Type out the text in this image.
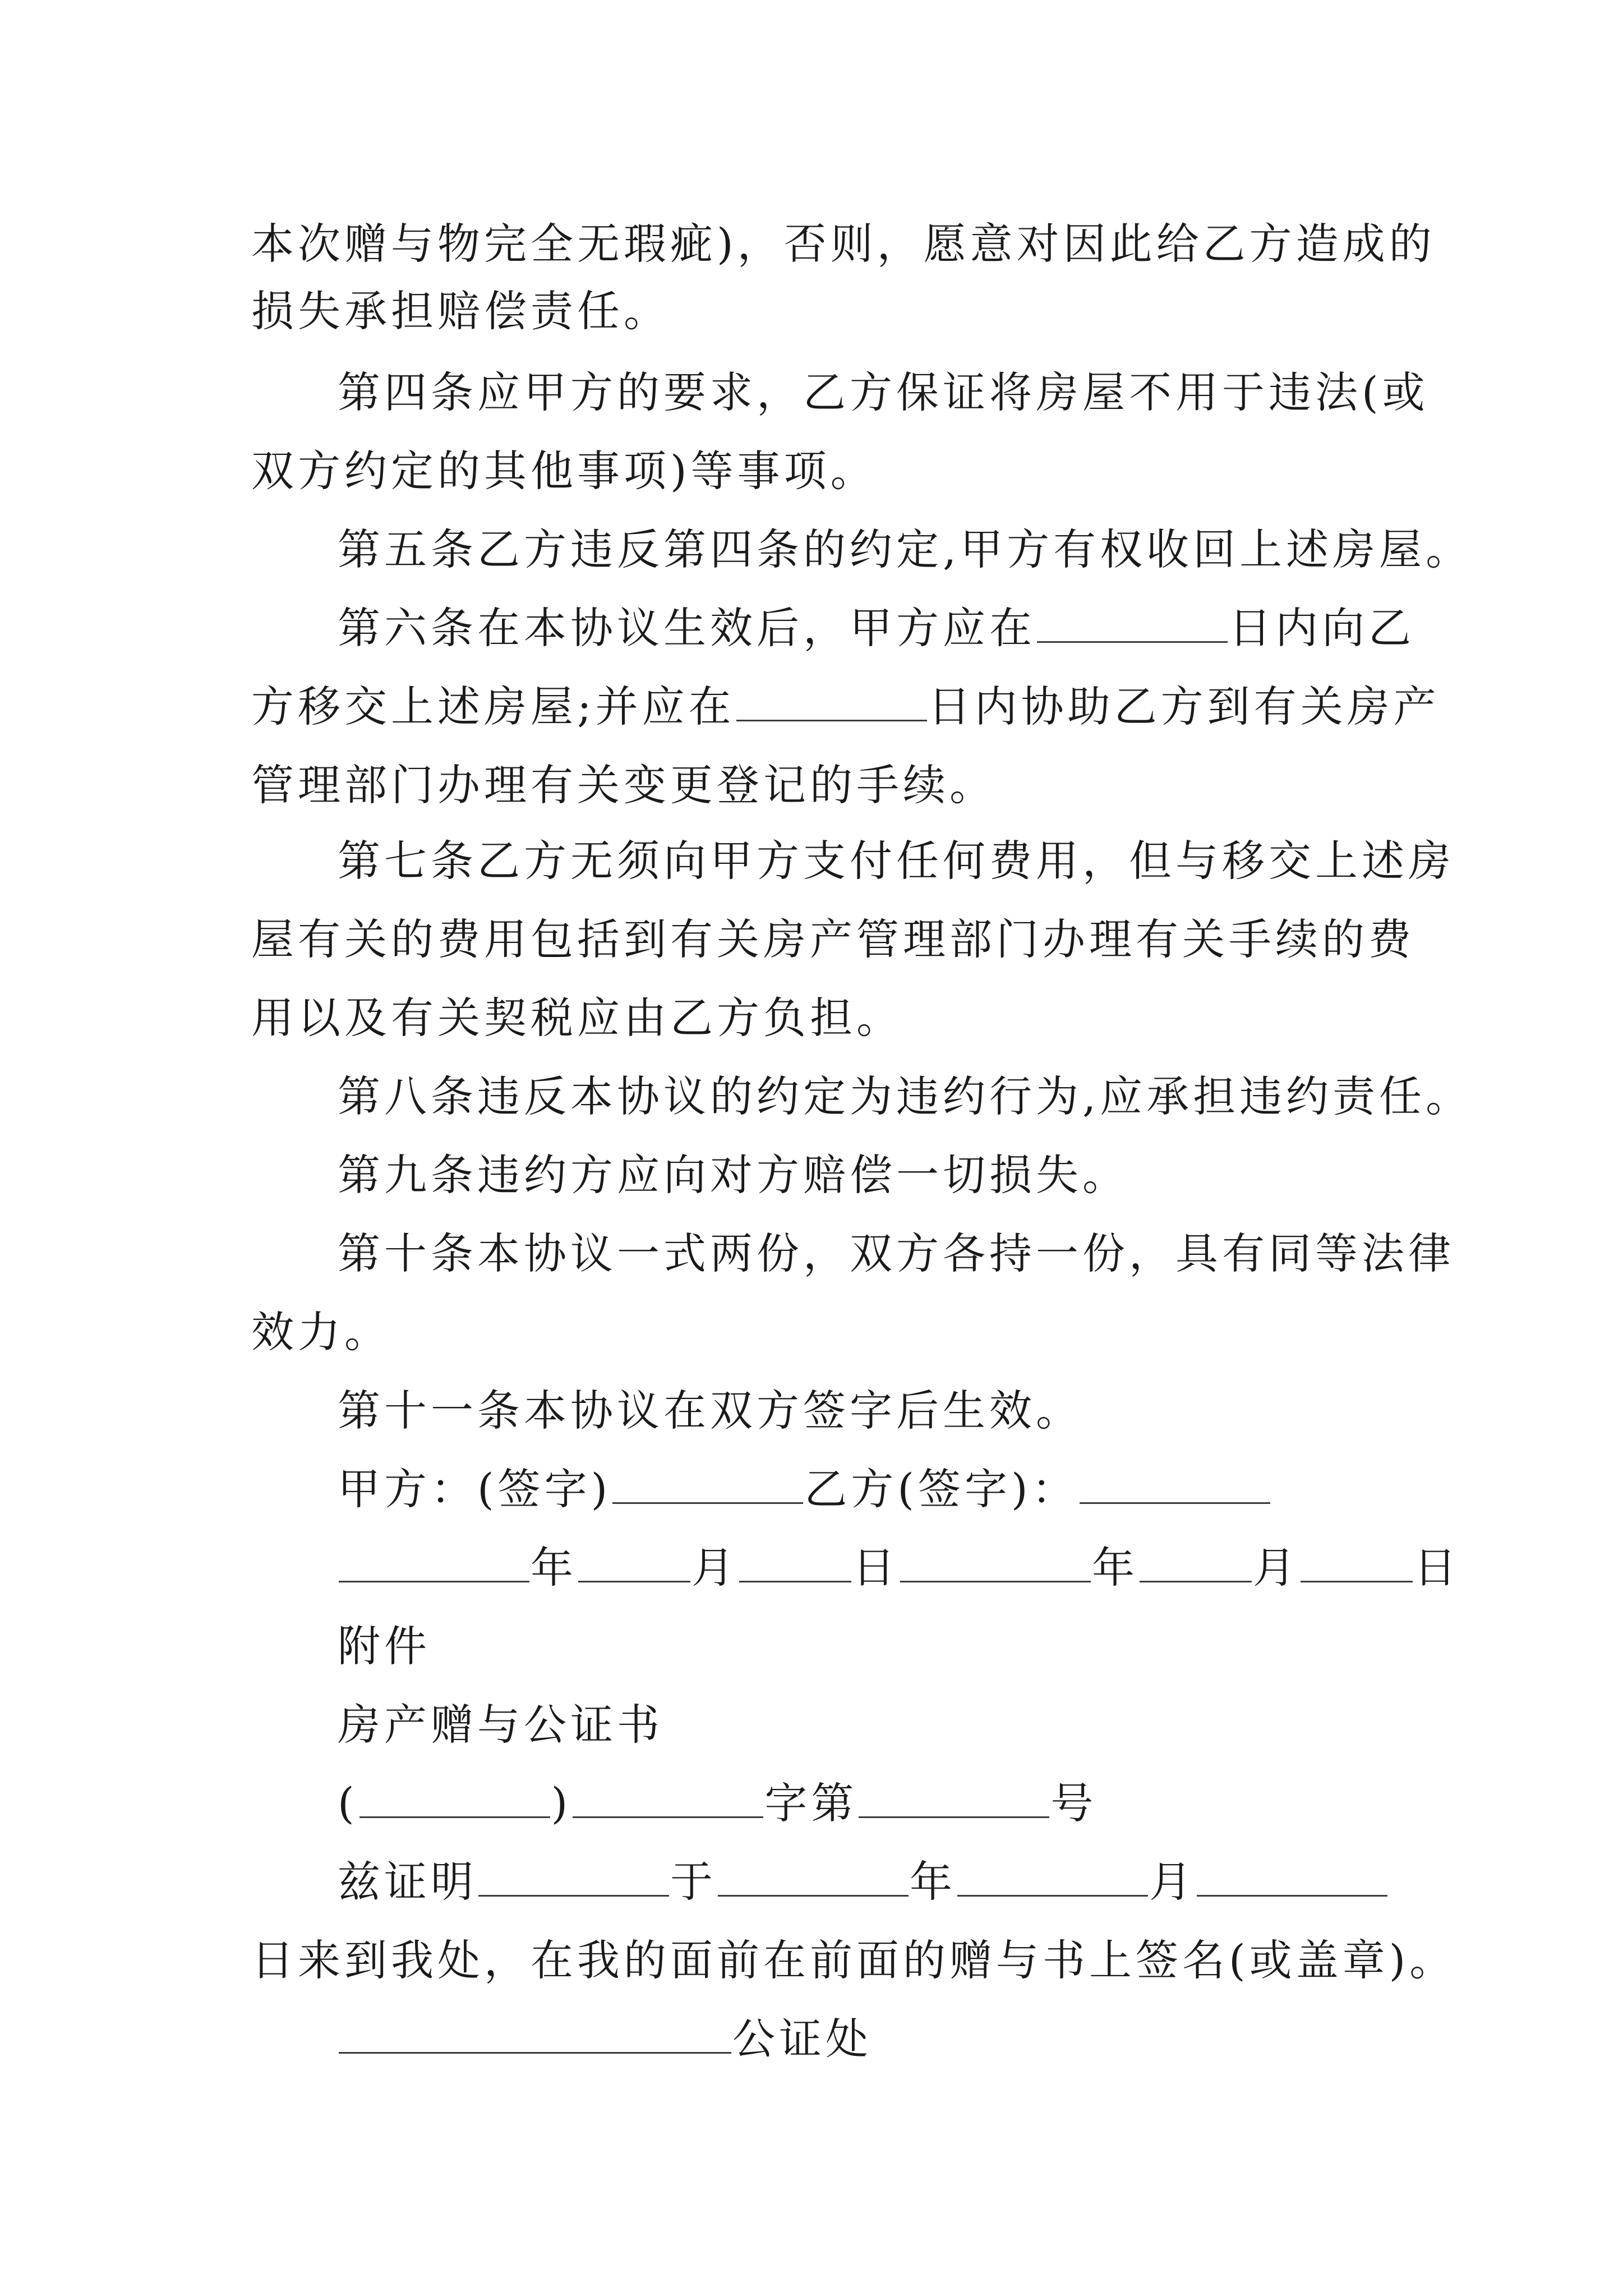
本次赠与物完全无瑕疵)，否则，愿意对因此给乙方造成的
损失承担赔偿责任。
第四条应甲方的要求，乙方保证将房屋不用于违法(或
双方约定的其他事项)等事项。
第五条乙方违反第四条的约定,甲方有权收回上述房屋。
第六条在本协议生效后，甲方应在	日内向乙
方移交上述房屋;并应在	日内协助乙方到有关房产
管理部门办理有关变更登记的手续。
第七条乙方无须向甲方支付任何费用，但与移交上述房
屋有关的费用包括到有关房产管理部门办理有关手续的费
用以及有关契税应由乙方负担。
第八条违反本协议的约定为违约行为,应承担违约责任。
第九条违约方应向对方赔偿一切损失。
第十条本协议一式两份，双方各持一份，具有同等法律
效力。
第十一条本协议在双方签字后生效。
甲方：(签字)	乙方(签字)：
年	月	日	年	月	日
附件
房产赠与公证书
(	)	字第	号
兹证明	于	年	月
日来到我处，在我的面前在前面的赠与书上签名(或盖章)。
公证处
